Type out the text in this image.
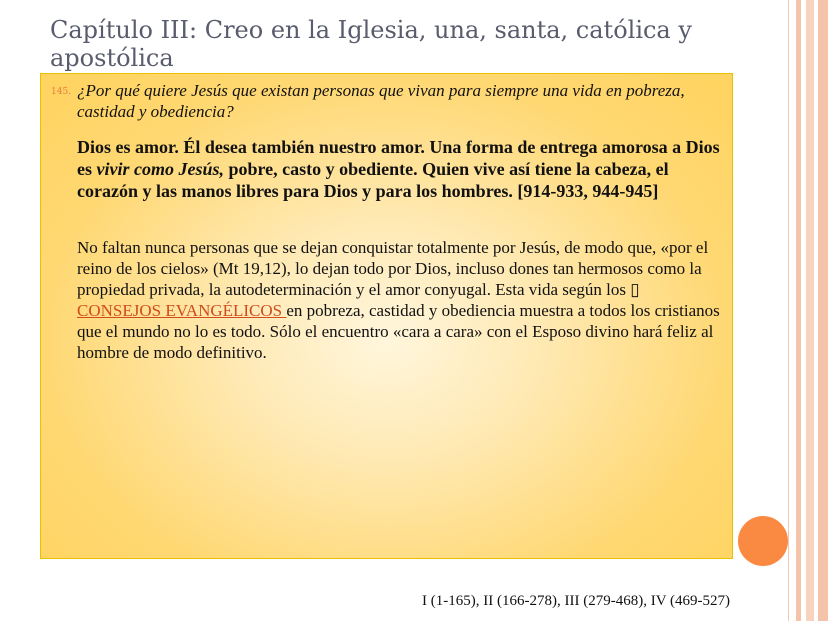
Capítulo III: Creo en la Iglesia, una, santa, católica y apostólica
145. ¿Por qué quiere Jesús que existan personas que vivan para siempre una vida en pobreza, castidad y obediencia?

Dios es amor. Él desea también nuestro amor. Una forma de entrega amorosa a Dios es vivir como Jesús, pobre, casto y obediente. Quien vive así tiene la cabeza, el corazón y las manos libres para Dios y para los hombres. [914-933, 944-945]

No faltan nunca personas que se dejan conquistar totalmente por Jesús, de modo que, «por el reino de los cielos» (Mt 19,12), lo dejan todo por Dios, incluso dones tan hermosos como la propiedad privada, la autodeterminación y el amor conyugal. Esta vida según los ▯ CONSEJOS EVANGÉLICOS en pobreza, castidad y obediencia muestra a todos los cristianos que el mundo no lo es todo. Sólo el encuentro «cara a cara» con el Esposo divino hará feliz al hombre de modo definitivo.

I (1-165), II (166-278), III (279-468), IV (469-527)
